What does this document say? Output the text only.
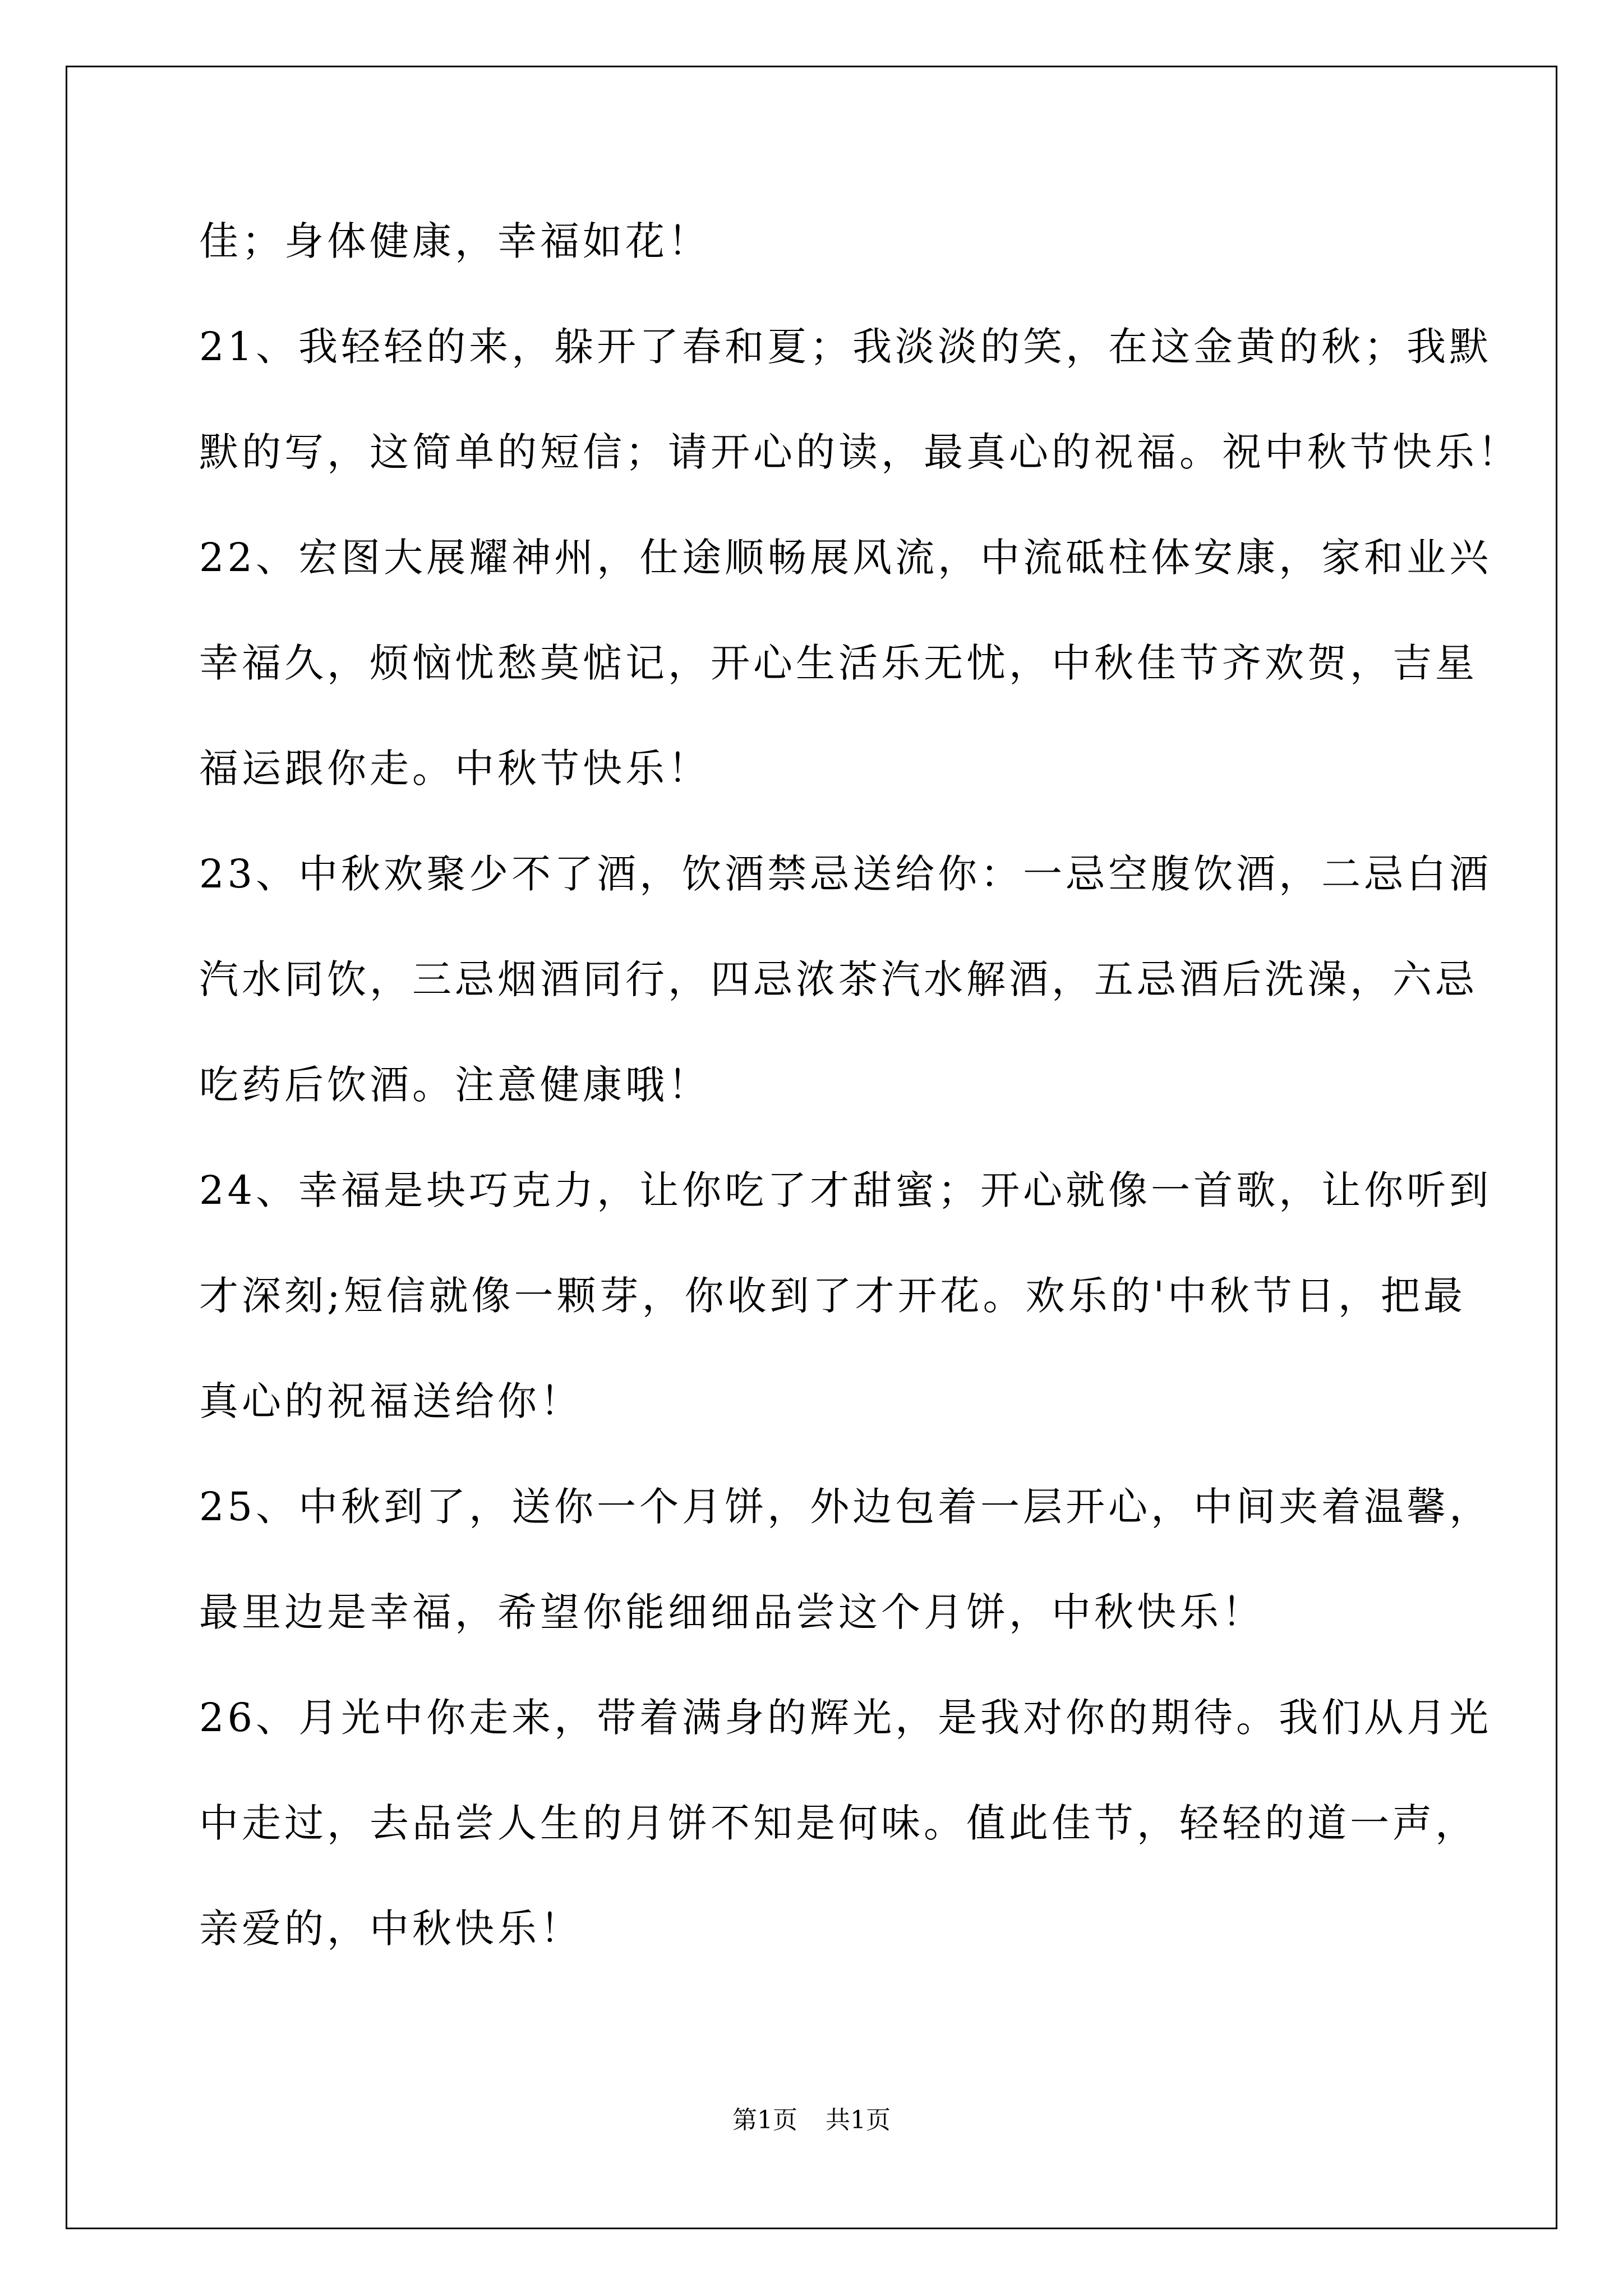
佳；身体健康，幸福如花！
21、我轻轻的来，躲开了春和夏；我淡淡的笑，在这金黄的秋；我默
默的写，这简单的短信；请开心的读，最真心的祝福。祝中秋节快乐！
22、宏图大展耀神州，仕途顺畅展风流，中流砥柱体安康，家和业兴
幸福久，烦恼忧愁莫惦记，开心生活乐无忧，中秋佳节齐欢贺，吉星
福运跟你走。中秋节快乐！
23、中秋欢聚少不了酒，饮酒禁忌送给你：一忌空腹饮酒，二忌白酒
汽水同饮，三忌烟酒同行，四忌浓茶汽水解酒，五忌酒后洗澡，六忌
吃药后饮酒。注意健康哦！
24、幸福是块巧克力，让你吃了才甜蜜；开心就像一首歌，让你听到
才深刻;短信就像一颗芽，你收到了才开花。欢乐的'中秋节日，把最
真心的祝福送给你！
25、中秋到了，送你一个月饼，外边包着一层开心，中间夹着温馨，
最里边是幸福，希望你能细细品尝这个月饼，中秋快乐！
26、月光中你走来，带着满身的辉光，是我对你的期待。我们从月光
中走过，去品尝人生的月饼不知是何味。值此佳节，轻轻的道一声，
亲爱的，中秋快乐！
第1页 共1页
